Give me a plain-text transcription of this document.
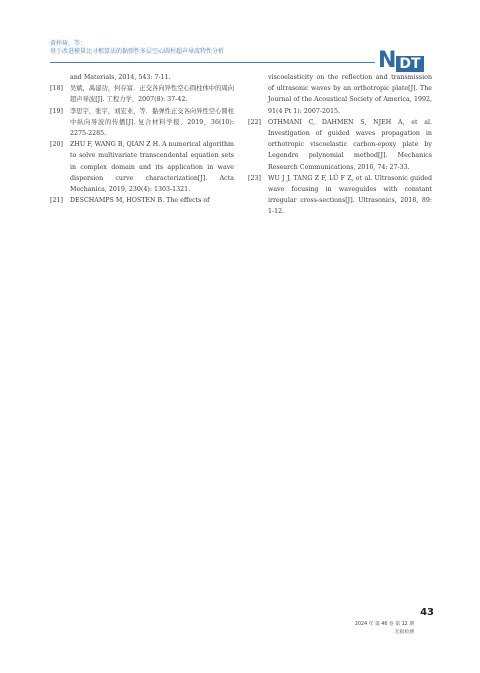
黄梓琦，等：
基于改进模量比寻根算法的黏弹性多层空心圆柱超声导波特性分析	N DT
and Materials, 2014, 543: 7-11.
[18]	吴斌，禹建功，何存富．正交各向异性空心圆柱体中的周向超声导波[J]. 工程力学，2007(8): 37-42.
[19]	李思宇，张宇，刘宏业，等．黏弹性正交各向异性空心圆柱中纵向导波的传播[J]. 复合材料学报，2019，36(10): 2275-2285.
[20]	ZHU F, WANG B, QIAN Z H. A numerical algorithm to solve multivariate transcendental equation sets in complex domain and its application in wave dispersion curve characterization[J]. Acta Mechanica, 2019, 230(4): 1303-1321.
[21]	DESCHAMPS M, HOSTEN B. The effects of
viscoelasticity on the reflection and transmission of ultrasonic waves by an orthotropic plate[J]. The Journal of the Acoustical Society of America, 1992, 91(4 Pt 1): 2007-2015.
[22]	OTHMANI C, DAHMEN S, NJEH A, et al. Investigation of guided waves propagation in orthotropic viscoelastic carbon-epoxy plate by Legendre polynomial method[J]. Mechanics Research Communications, 2016, 74: 27-33.
[23]	WU J J, TANG Z F, LÜ F Z, et al. Ultrasonic guided wave focusing in waveguides with constant irregular cross-sections[J]. Ultrasonics, 2018, 89: 1-12.
43
2024 年 第 46 卷 第 12 期
无损检测
